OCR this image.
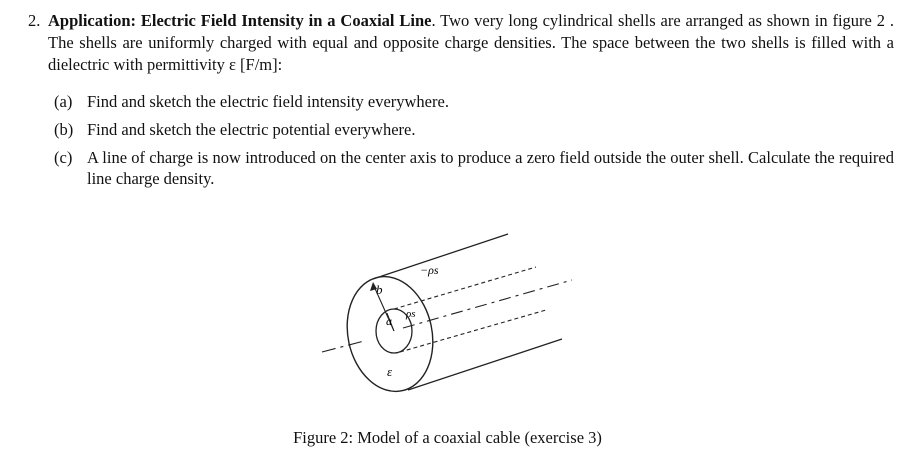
2. Application: Electric Field Intensity in a Coaxial Line. Two very long cylindrical shells are arranged as shown in figure 2 . The shells are uniformly charged with equal and opposite charge densities. The space between the two shells is filled with a dielectric with permittivity ε [F/m]:
(a) Find and sketch the electric field intensity everywhere.
(b) Find and sketch the electric potential everywhere.
(c) A line of charge is now introduced on the center axis to produce a zero field outside the outer shell. Calculate the required line charge density.
b
a
−ρs
ρs
ε
Figure 2: Model of a coaxial cable (exercise 3)
